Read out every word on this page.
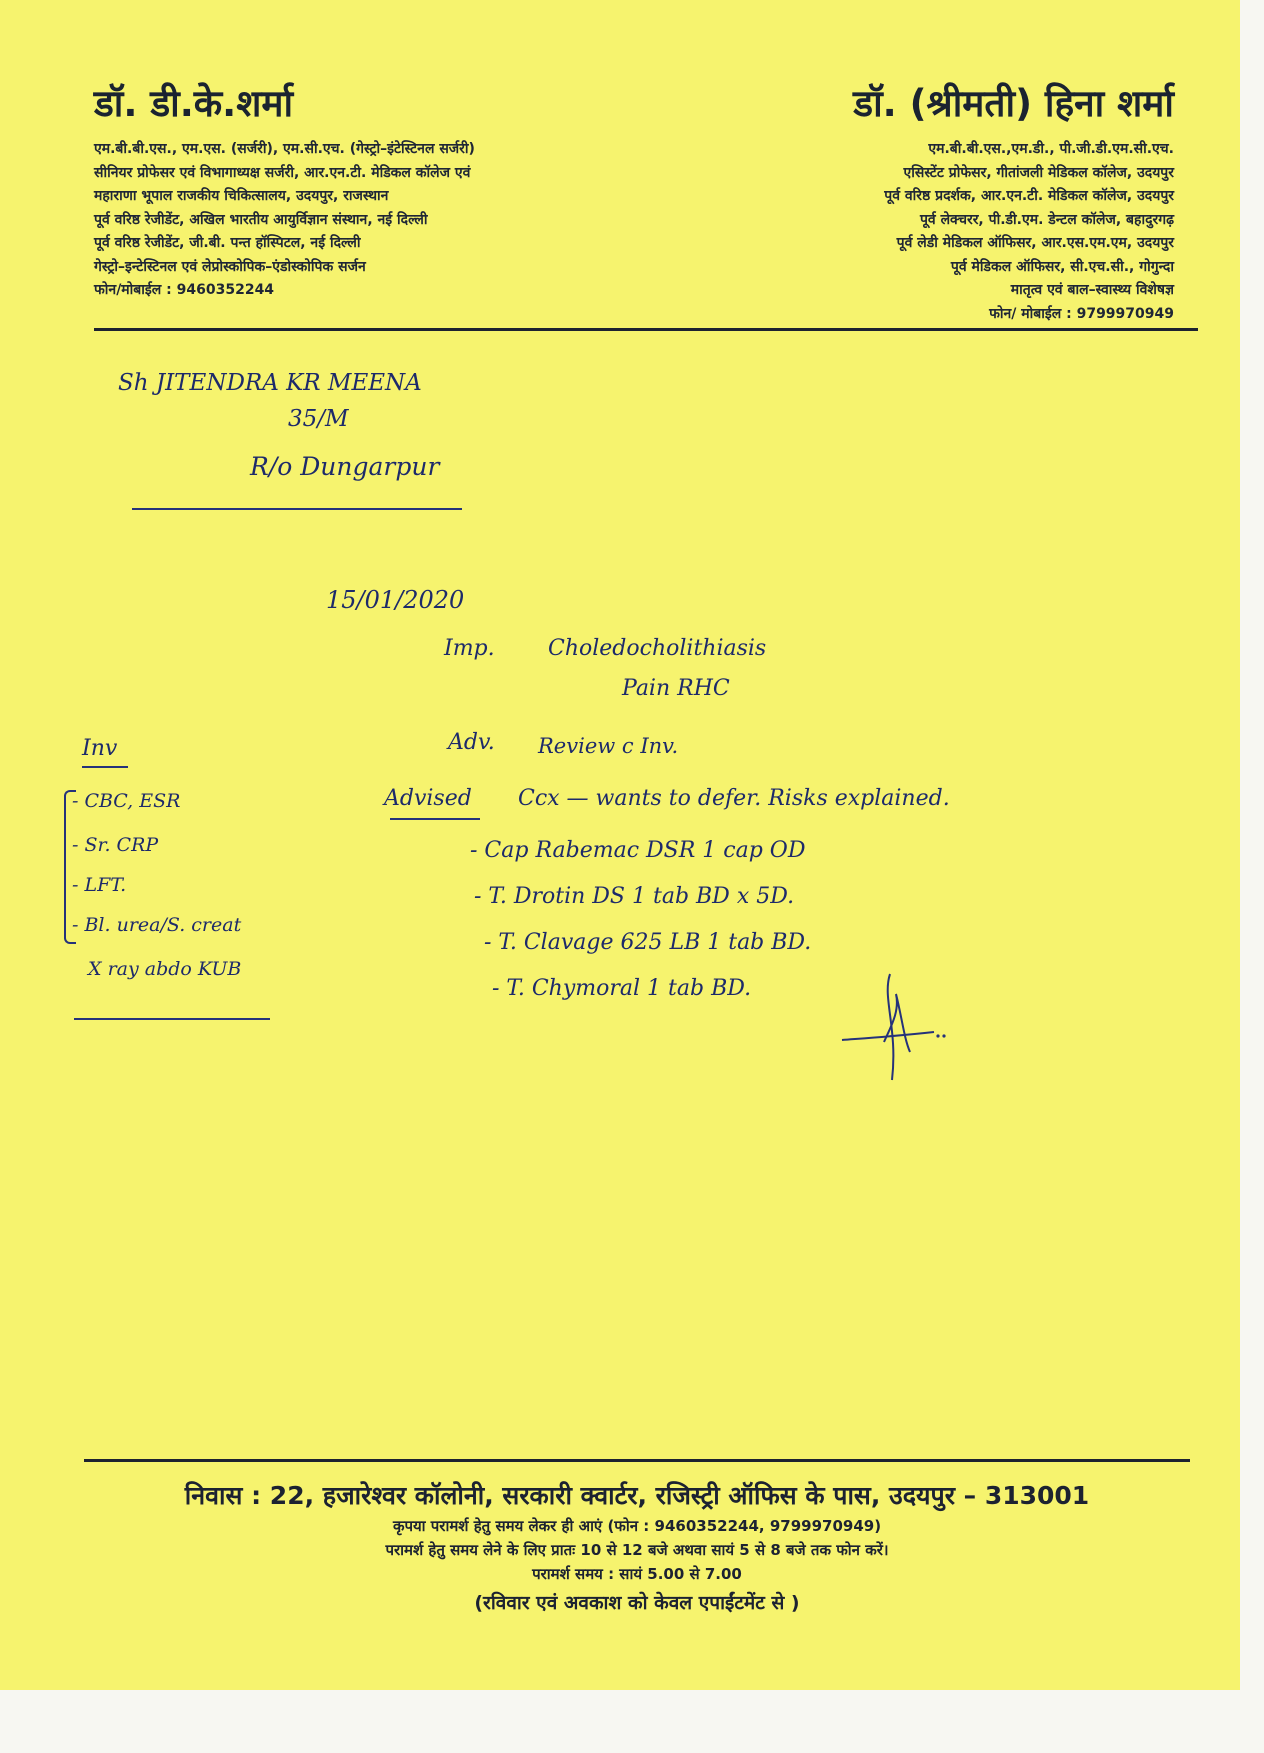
डॉ. डी.के.शर्मा
एम.बी.बी.एस., एम.एस. (सर्जरी), एम.सी.एच. (गेस्ट्रो–इंटेस्टिनल सर्जरी)
सीनियर प्रोफेसर एवं विभागाध्यक्ष सर्जरी, आर.एन.टी. मेडिकल कॉलेज एवं
महाराणा भूपाल राजकीय चिकित्सालय, उदयपुर, राजस्थान
पूर्व वरिष्ठ रेजीडेंट, अखिल भारतीय आयुर्विज्ञान संस्थान, नई दिल्ली
पूर्व वरिष्ठ रेजीडेंट, जी.बी. पन्त हॉस्पिटल, नई दिल्ली
गेस्ट्रो–इन्टेस्टिनल एवं लेप्रोस्कोपिक–एंडोस्कोपिक सर्जन
फोन/मोबाईल : 9460352244
डॉ. (श्रीमती) हिना शर्मा
एम.बी.बी.एस.,एम.डी., पी.जी.डी.एम.सी.एच.
एसिस्टेंट प्रोफेसर, गीतांजली मेडिकल कॉलेज, उदयपुर
पूर्व वरिष्ठ प्रदर्शक, आर.एन.टी. मेडिकल कॉलेज, उदयपुर
पूर्व लेक्चरर, पी.डी.एम. डेन्टल कॉलेज, बहादुरगढ़
पूर्व लेडी मेडिकल ऑफिसर, आर.एस.एम.एम, उदयपुर
पूर्व मेडिकल ऑफिसर, सी.एच.सी., गोगुन्दा
मातृत्व एवं बाल–स्वास्थ्य विशेषज्ञ
फोन/ मोबाईल : 9799970949
Sh JITENDRA KR MEENA
35/M
R/o Dungarpur
15/01/2020
Imp. Choledocholithiasis
Pain RHC
Adv. Review c Inv.
Advised Ccx — wants to defer. Risks explained.
- Cap Rabemac DSR 1 cap OD
- T. Drotin DS 1 tab BD x 5D.
- T. Clavage 625 LB 1 tab BD.
- T. Chymoral 1 tab BD.
Inv
- CBC, ESR
- Sr. CRP
- LFT.
- Bl. urea/S. creat
X ray abdo KUB
निवास : 22, हजारेश्वर कॉलोनी, सरकारी क्वार्टर, रजिस्ट्री ऑफिस के पास, उदयपुर – 313001
कृपया परामर्श हेतु समय लेकर ही आएं (फोन : 9460352244, 9799970949)
परामर्श हेतु समय लेने के लिए प्रातः 10 से 12 बजे अथवा सायं 5 से 8 बजे तक फोन करें।
परामर्श समय : सायं 5.00 से 7.00
(रविवार एवं अवकाश को केवल एपाईंटमेंट से )
